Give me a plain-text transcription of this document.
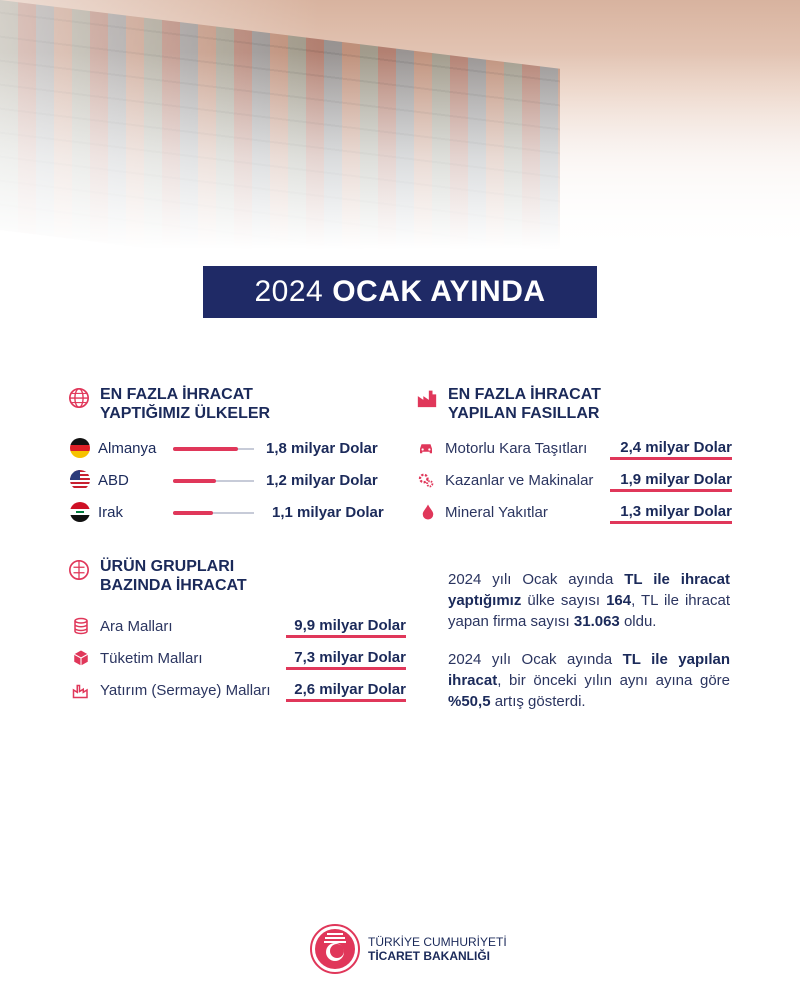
2024 OCAK AYINDA
EN FAZLA İHRACAT
YAPTIĞIMIZ ÜLKELER
Almanya
ABD
Irak
1,8 milyar Dolar
1,2 milyar Dolar
1,1 milyar Dolar
EN FAZLA İHRACAT
YAPILAN FASILLAR
Motorlu Kara Taşıtları
Kazanlar ve Makinalar
Mineral Yakıtlar
2,4 milyar Dolar
1,9 milyar Dolar
1,3 milyar Dolar
ÜRÜN GRUPLARI
BAZINDA İHRACAT
Ara Malları
Tüketim Malları
Yatırım (Sermaye) Malları
9,9 milyar Dolar
7,3 milyar Dolar
2,6 milyar Dolar
2024 yılı Ocak ayında TL ile ihracat yaptığımız ülke sayısı 164, TL ile ihracat yapan firma sayısı 31.063 oldu.
2024 yılı Ocak ayında TL ile yapılan ihracat, bir önceki yılın aynı ayına göre %50,5 artış gösterdi.
TÜRKİYE CUMHURİYETİ
TİCARET BAKANLIĞI
